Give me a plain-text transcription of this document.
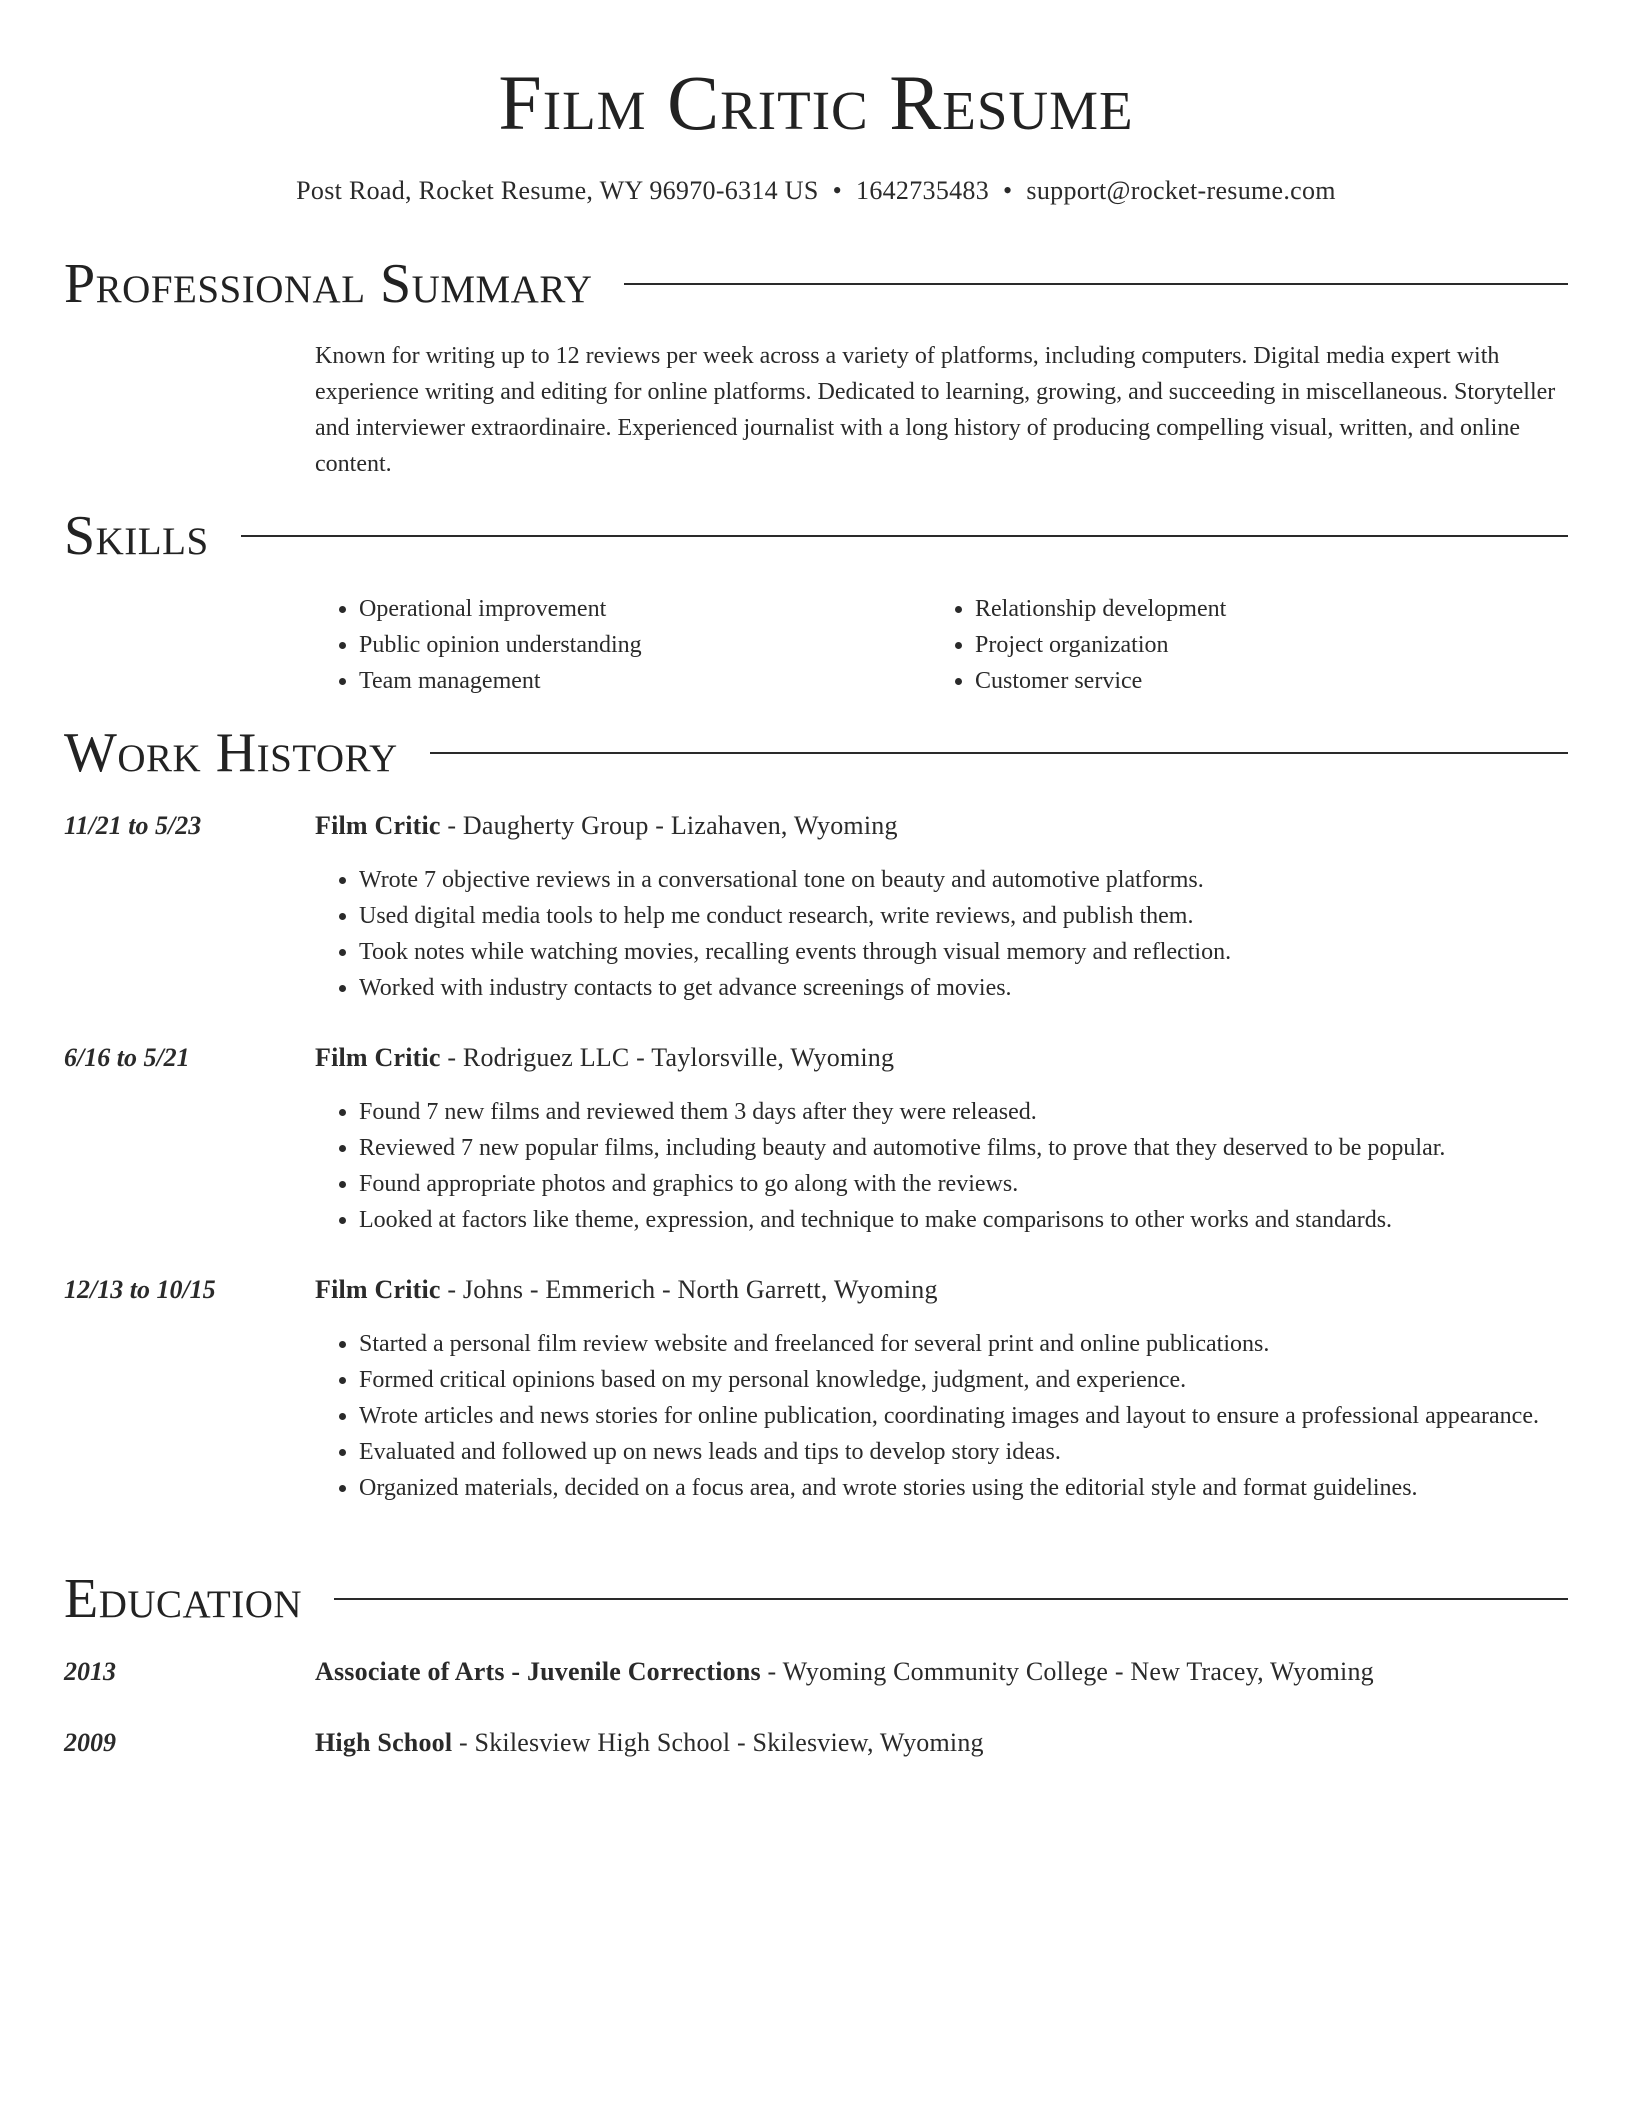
Film Critic Resume
Post Road, Rocket Resume, WY 96970-6314 US • 1642735483 • support@rocket-resume.com
Professional Summary
Known for writing up to 12 reviews per week across a variety of platforms, including computers. Digital media expert with experience writing and editing for online platforms. Dedicated to learning, growing, and succeeding in miscellaneous. Storyteller and interviewer extraordinaire. Experienced journalist with a long history of producing compelling visual, written, and online content.
Skills
• Operational improvement
• Public opinion understanding
• Team management
• Relationship development
• Project organization
• Customer service
Work History
11/21 to 5/23	Film Critic - Daugherty Group - Lizahaven, Wyoming
• Wrote 7 objective reviews in a conversational tone on beauty and automotive platforms.
• Used digital media tools to help me conduct research, write reviews, and publish them.
• Took notes while watching movies, recalling events through visual memory and reflection.
• Worked with industry contacts to get advance screenings of movies.
6/16 to 5/21	Film Critic - Rodriguez LLC - Taylorsville, Wyoming
• Found 7 new films and reviewed them 3 days after they were released.
• Reviewed 7 new popular films, including beauty and automotive films, to prove that they deserved to be popular.
• Found appropriate photos and graphics to go along with the reviews.
• Looked at factors like theme, expression, and technique to make comparisons to other works and standards.
12/13 to 10/15	Film Critic - Johns - Emmerich - North Garrett, Wyoming
• Started a personal film review website and freelanced for several print and online publications.
• Formed critical opinions based on my personal knowledge, judgment, and experience.
• Wrote articles and news stories for online publication, coordinating images and layout to ensure a professional appearance.
• Evaluated and followed up on news leads and tips to develop story ideas.
• Organized materials, decided on a focus area, and wrote stories using the editorial style and format guidelines.
Education
2013	Associate of Arts - Juvenile Corrections - Wyoming Community College - New Tracey, Wyoming
2009	High School - Skilesview High School - Skilesview, Wyoming
